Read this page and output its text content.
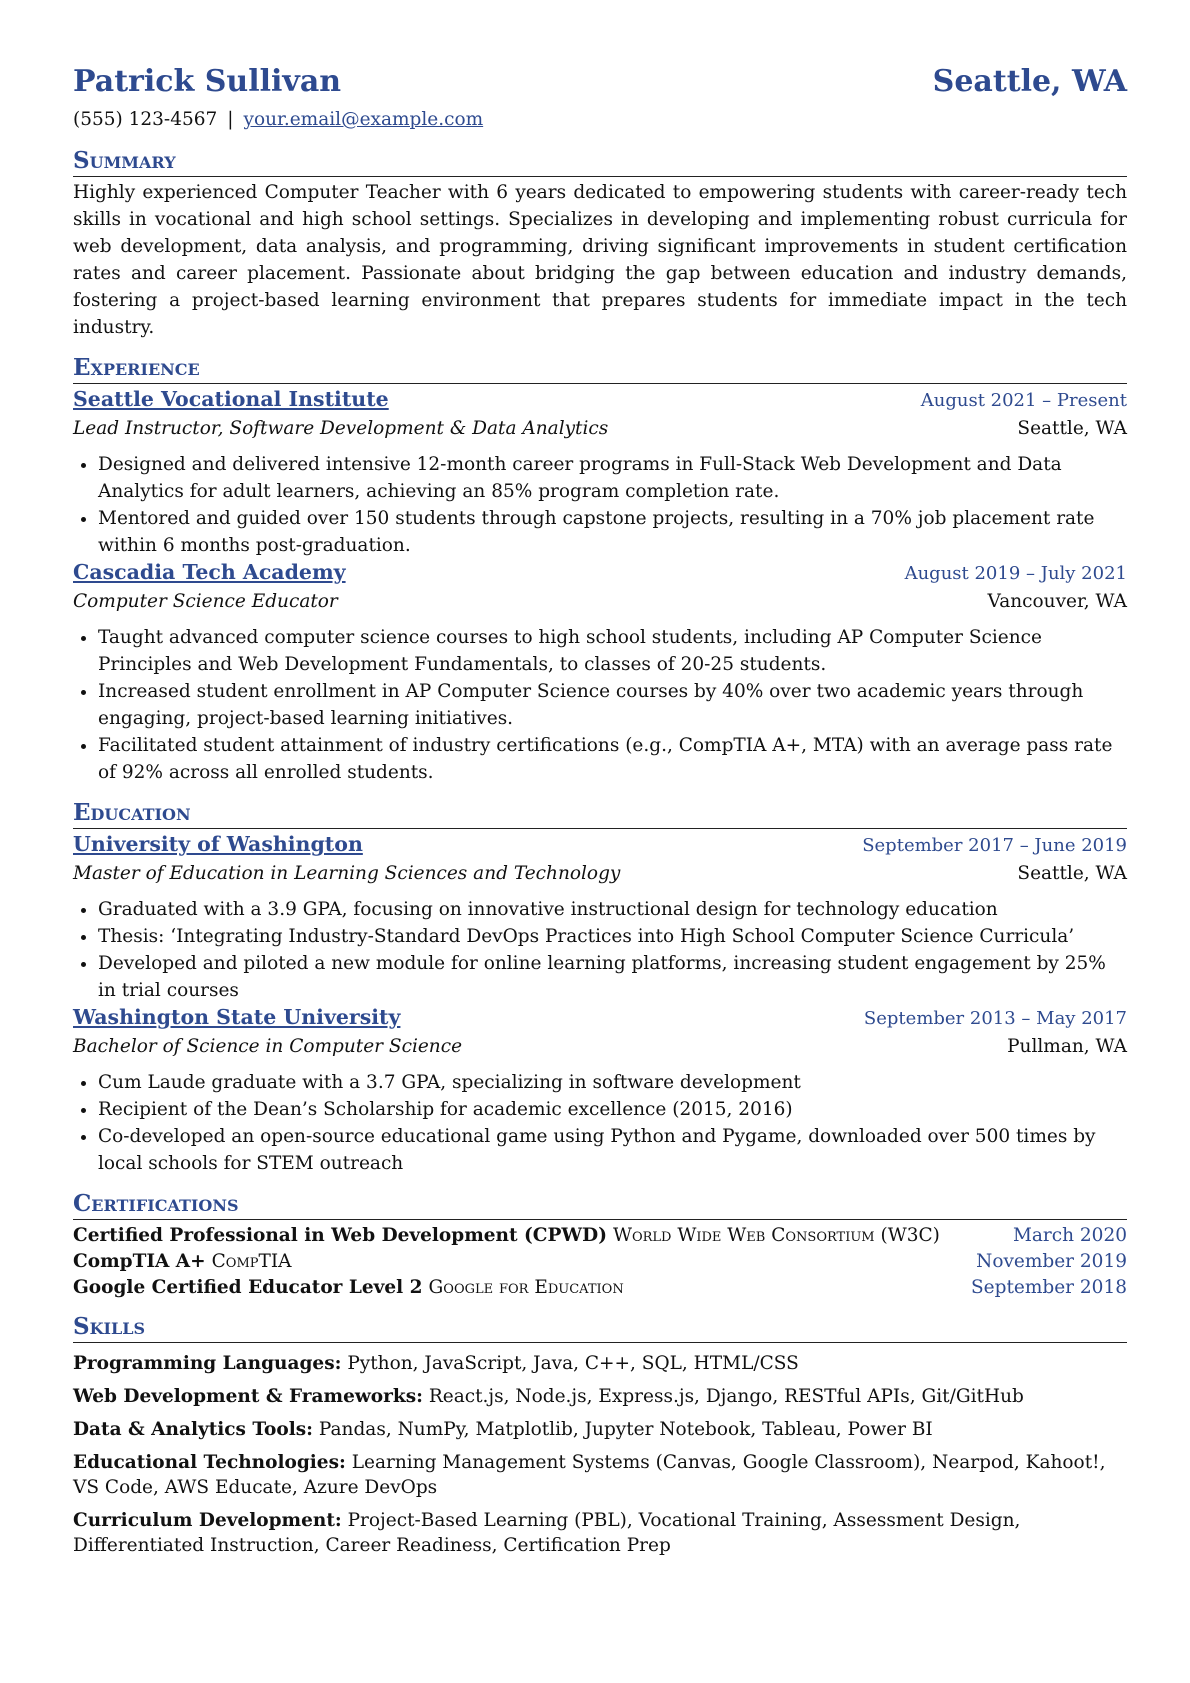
Patrick Sullivan	Seattle, WA
(555) 123-4567 | your.email@example.com
Summary

Highly experienced Computer Teacher with 6 years dedicated to empowering students with career-ready tech skills in vocational and high school settings. Specializes in developing and implementing robust curricula for web development, data analysis, and programming, driving significant improvements in student certification rates and career placement. Passionate about bridging the gap between education and industry demands, fostering a project-based learning environment that prepares students for immediate impact in the tech industry.

Experience
Seattle Vocational Institute	August 2021 – Present
Lead Instructor, Software Development & Data Analytics	Seattle, WA
• Designed and delivered intensive 12-month career programs in Full-Stack Web Development and Data Analytics for adult learners, achieving an 85% program completion rate.
• Mentored and guided over 150 students through capstone projects, resulting in a 70% job placement rate within 6 months post-graduation.
Cascadia Tech Academy	August 2019 – July 2021
Computer Science Educator	Vancouver, WA
• Taught advanced computer science courses to high school students, including AP Computer Science Principles and Web Development Fundamentals, to classes of 20-25 students.
• Increased student enrollment in AP Computer Science courses by 40% over two academic years through engaging, project-based learning initiatives.
• Facilitated student attainment of industry certifications (e.g., CompTIA A+, MTA) with an average pass rate of 92% across all enrolled students.
Education
University of Washington	September 2017 – June 2019
Master of Education in Learning Sciences and Technology	Seattle, WA
• Graduated with a 3.9 GPA, focusing on innovative instructional design for technology education
• Thesis: ‘Integrating Industry-Standard DevOps Practices into High School Computer Science Curricula’
• Developed and piloted a new module for online learning platforms, increasing student engagement by 25% in trial courses
Washington State University	September 2013 – May 2017
Bachelor of Science in Computer Science	Pullman, WA
• Cum Laude graduate with a 3.7 GPA, specializing in software development
• Recipient of the Dean’s Scholarship for academic excellence (2015, 2016)
• Co-developed an open-source educational game using Python and Pygame, downloaded over 500 times by local schools for STEM outreach
Certifications
Certified Professional in Web Development (CPWD) World Wide Web Consortium (W3C)	March 2020
CompTIA A+ CompTIA	November 2019
Google Certified Educator Level 2 Google for Education	September 2018
Skills
Programming Languages: Python, JavaScript, Java, C++, SQL, HTML/CSS
Web Development & Frameworks: React.js, Node.js, Express.js, Django, RESTful APIs, Git/GitHub
Data & Analytics Tools: Pandas, NumPy, Matplotlib, Jupyter Notebook, Tableau, Power BI
Educational Technologies: Learning Management Systems (Canvas, Google Classroom), Nearpod, Kahoot!, VS Code, AWS Educate, Azure DevOps
Curriculum Development: Project-Based Learning (PBL), Vocational Training, Assessment Design, Differentiated Instruction, Career Readiness, Certification Prep
